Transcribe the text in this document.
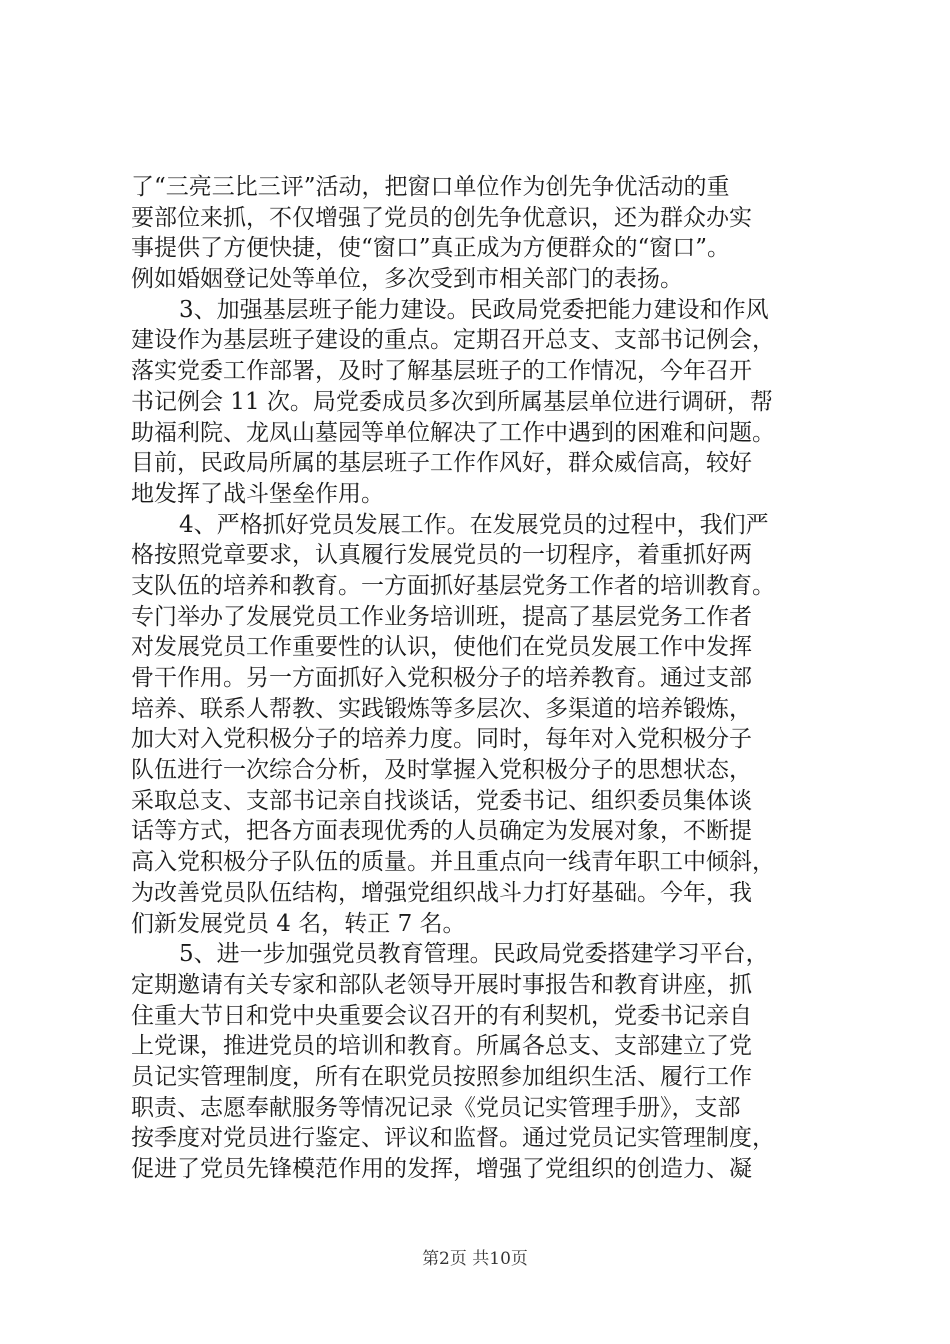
了“三亮三比三评”活动，把窗口单位作为创先争优活动的重
要部位来抓，不仅增强了党员的创先争优意识，还为群众办实
事提供了方便快捷，使“窗口”真正成为方便群众的“窗口”。
例如婚姻登记处等单位，多次受到市相关部门的表扬。
3、加强基层班子能力建设。民政局党委把能力建设和作风
建设作为基层班子建设的重点。定期召开总支、支部书记例会，
落实党委工作部署，及时了解基层班子的工作情况，今年召开
书记例会 11 次。局党委成员多次到所属基层单位进行调研，帮
助福利院、龙凤山墓园等单位解决了工作中遇到的困难和问题。
目前，民政局所属的基层班子工作作风好，群众威信高，较好
地发挥了战斗堡垒作用。
4、严格抓好党员发展工作。在发展党员的过程中，我们严
格按照党章要求，认真履行发展党员的一切程序，着重抓好两
支队伍的培养和教育。一方面抓好基层党务工作者的培训教育。
专门举办了发展党员工作业务培训班，提高了基层党务工作者
对发展党员工作重要性的认识，使他们在党员发展工作中发挥
骨干作用。另一方面抓好入党积极分子的培养教育。通过支部
培养、联系人帮教、实践锻炼等多层次、多渠道的培养锻炼，
加大对入党积极分子的培养力度。同时，每年对入党积极分子
队伍进行一次综合分析，及时掌握入党积极分子的思想状态，
采取总支、支部书记亲自找谈话，党委书记、组织委员集体谈
话等方式，把各方面表现优秀的人员确定为发展对象，不断提
高入党积极分子队伍的质量。并且重点向一线青年职工中倾斜，
为改善党员队伍结构，增强党组织战斗力打好基础。今年，我
们新发展党员 4 名，转正 7 名。
5、进一步加强党员教育管理。民政局党委搭建学习平台，
定期邀请有关专家和部队老领导开展时事报告和教育讲座，抓
住重大节日和党中央重要会议召开的有利契机，党委书记亲自
上党课，推进党员的培训和教育。所属各总支、支部建立了党
员记实管理制度，所有在职党员按照参加组织生活、履行工作
职责、志愿奉献服务等情况记录《党员记实管理手册》，支部
按季度对党员进行鉴定、评议和监督。通过党员记实管理制度，
促进了党员先锋模范作用的发挥，增强了党组织的创造力、凝
第2页 共10页
